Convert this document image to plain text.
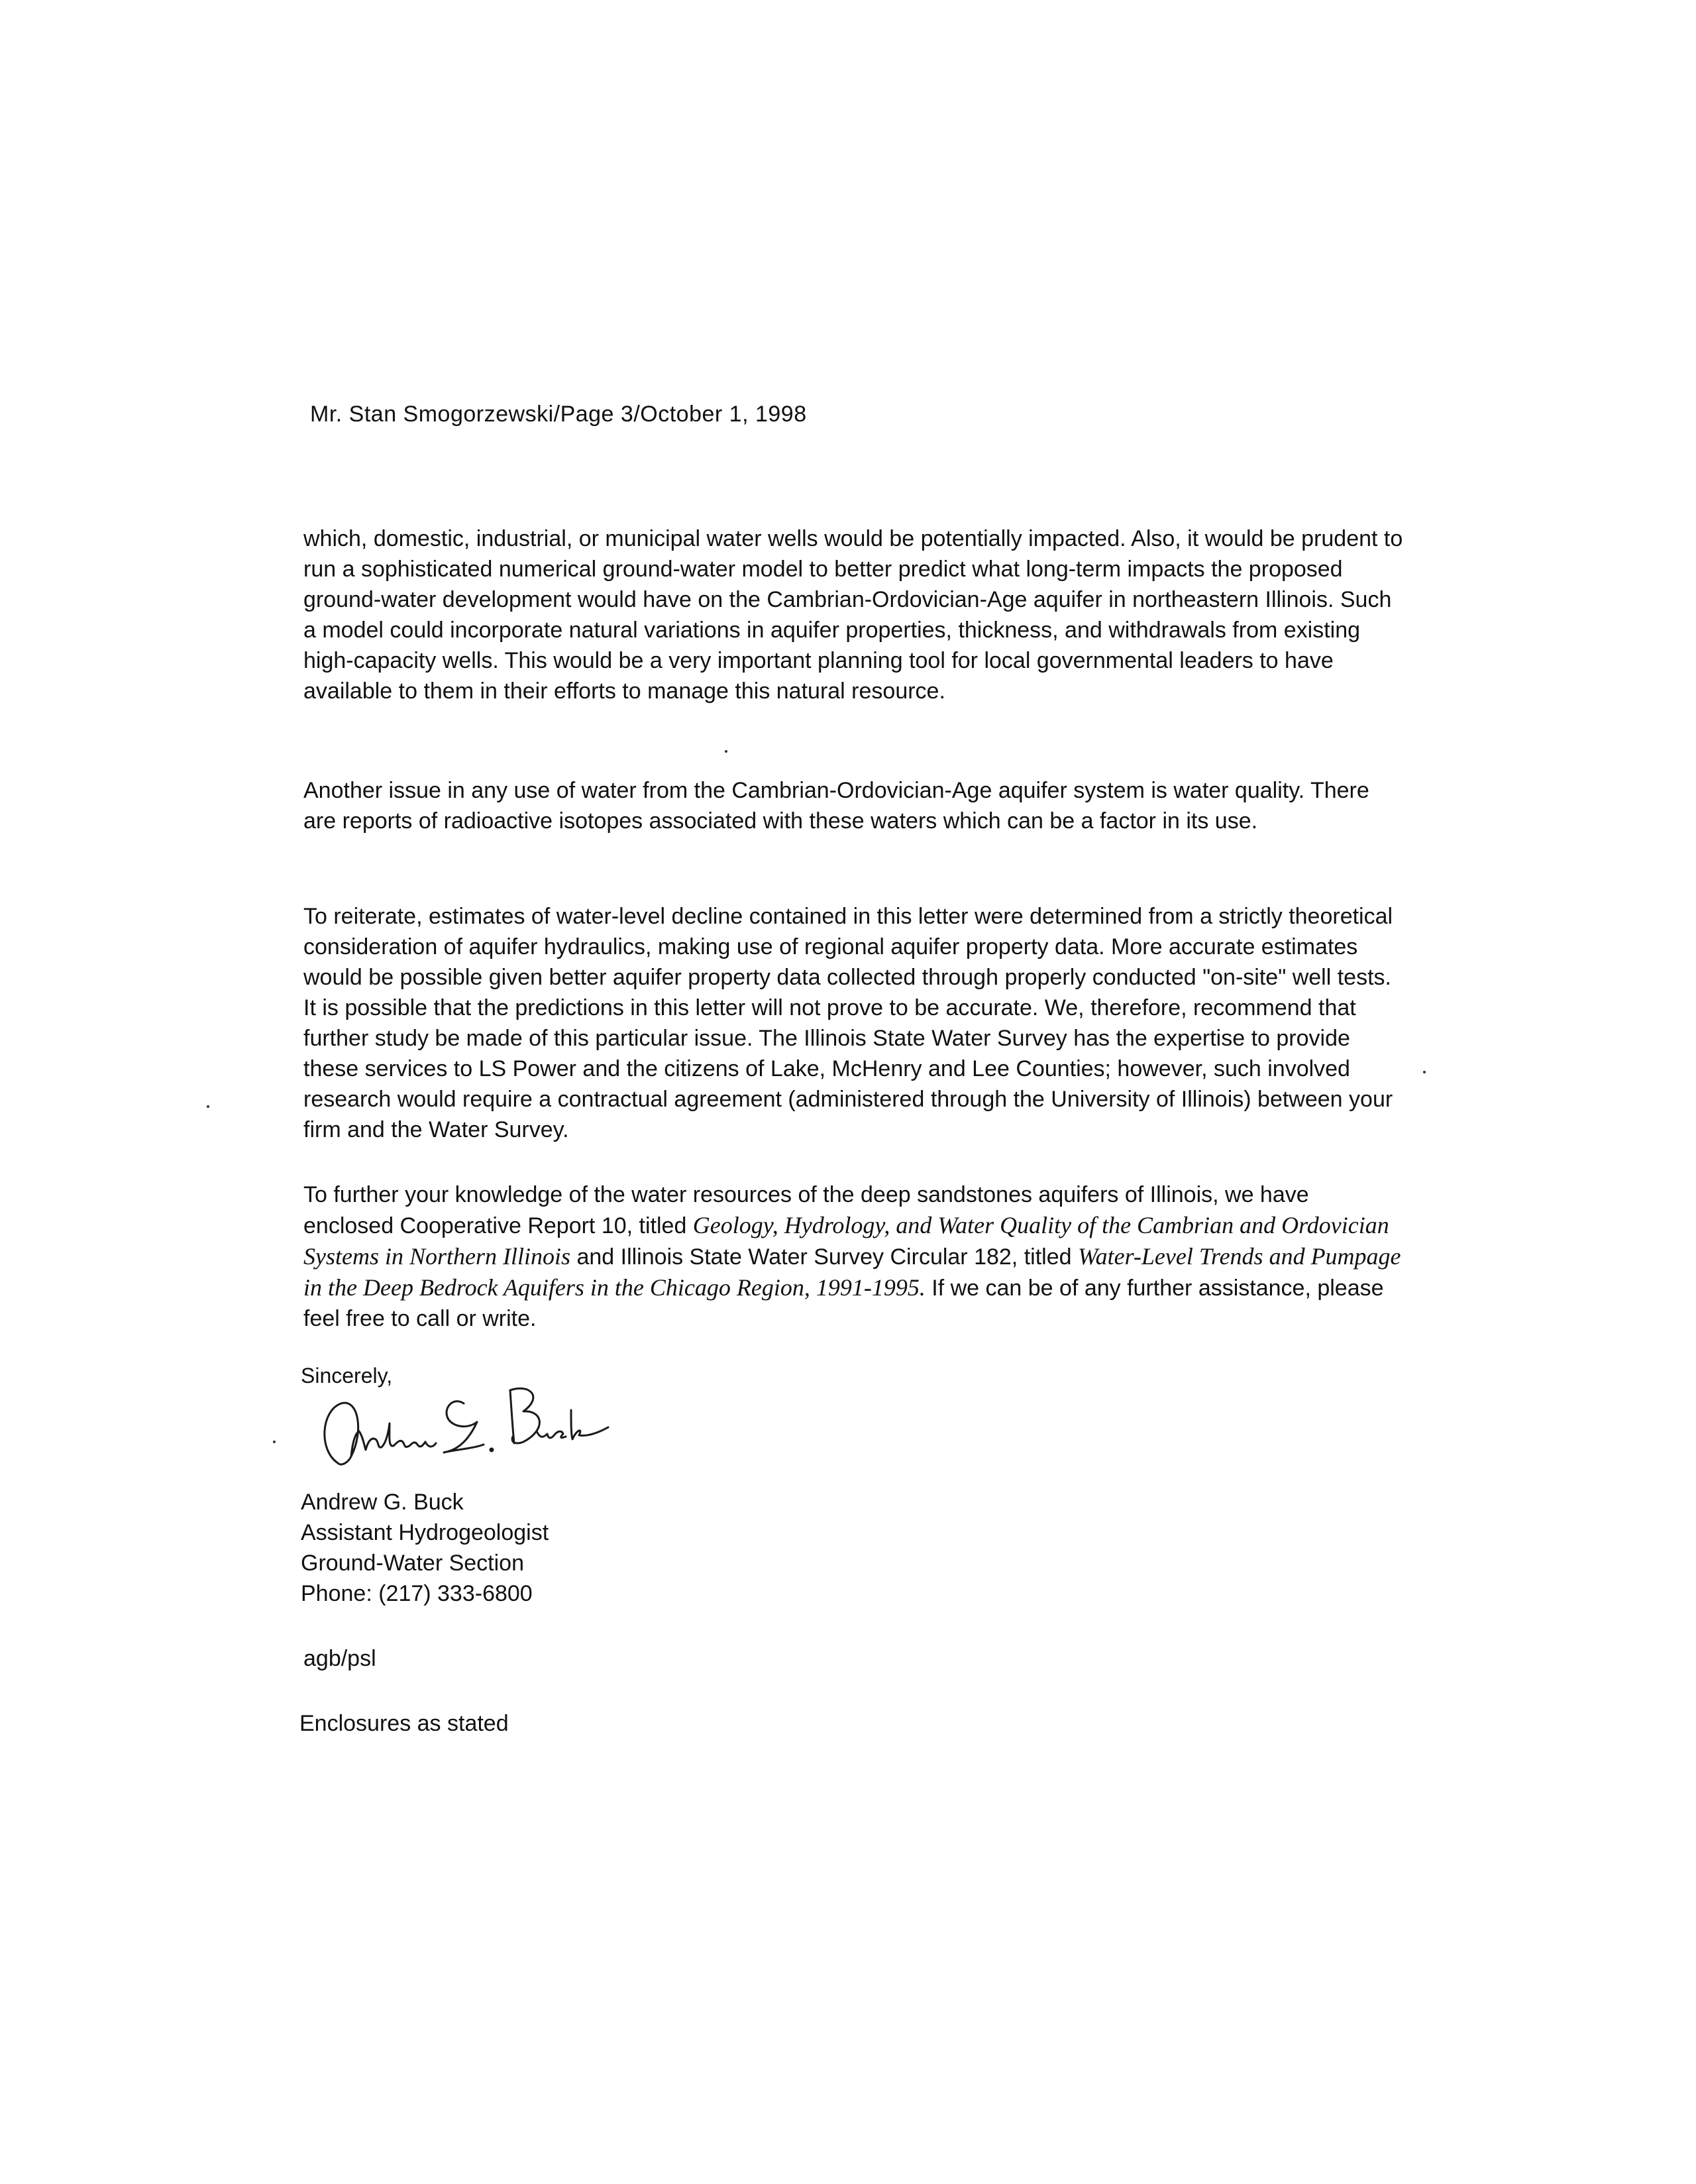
Mr. Stan Smogorzewski/Page 3/October 1, 1998

which, domestic, industrial, or municipal water wells would be potentially impacted. Also, it would be prudent to run a sophisticated numerical ground-water model to better predict what long-term impacts the proposed ground-water development would have on the Cambrian-Ordovician-Age aquifer in northeastern Illinois. Such a model could incorporate natural variations in aquifer properties, thickness, and withdrawals from existing high-capacity wells. This would be a very important planning tool for local governmental leaders to have available to them in their efforts to manage this natural resource.

Another issue in any use of water from the Cambrian-Ordovician-Age aquifer system is water quality. There are reports of radioactive isotopes associated with these waters which can be a factor in its use.

To reiterate, estimates of water-level decline contained in this letter were determined from a strictly theoretical consideration of aquifer hydraulics, making use of regional aquifer property data. More accurate estimates would be possible given better aquifer property data collected through properly conducted "on-site" well tests. It is possible that the predictions in this letter will not prove to be accurate. We, therefore, recommend that further study be made of this particular issue. The Illinois State Water Survey has the expertise to provide these services to LS Power and the citizens of Lake, McHenry and Lee Counties; however, such involved research would require a contractual agreement (administered through the University of Illinois) between your firm and the Water Survey.

To further your knowledge of the water resources of the deep sandstones aquifers of Illinois, we have enclosed Cooperative Report 10, titled Geology, Hydrology, and Water Quality of the Cambrian and Ordovician Systems in Northern Illinois and Illinois State Water Survey Circular 182, titled Water-Level Trends and Pumpage in the Deep Bedrock Aquifers in the Chicago Region, 1991-1995. If we can be of any further assistance, please feel free to call or write.

Sincerely,
Andrew G. Buck
Assistant Hydrogeologist
Ground-Water Section
Phone: (217) 333-6800
agb/psl
Enclosures as stated
